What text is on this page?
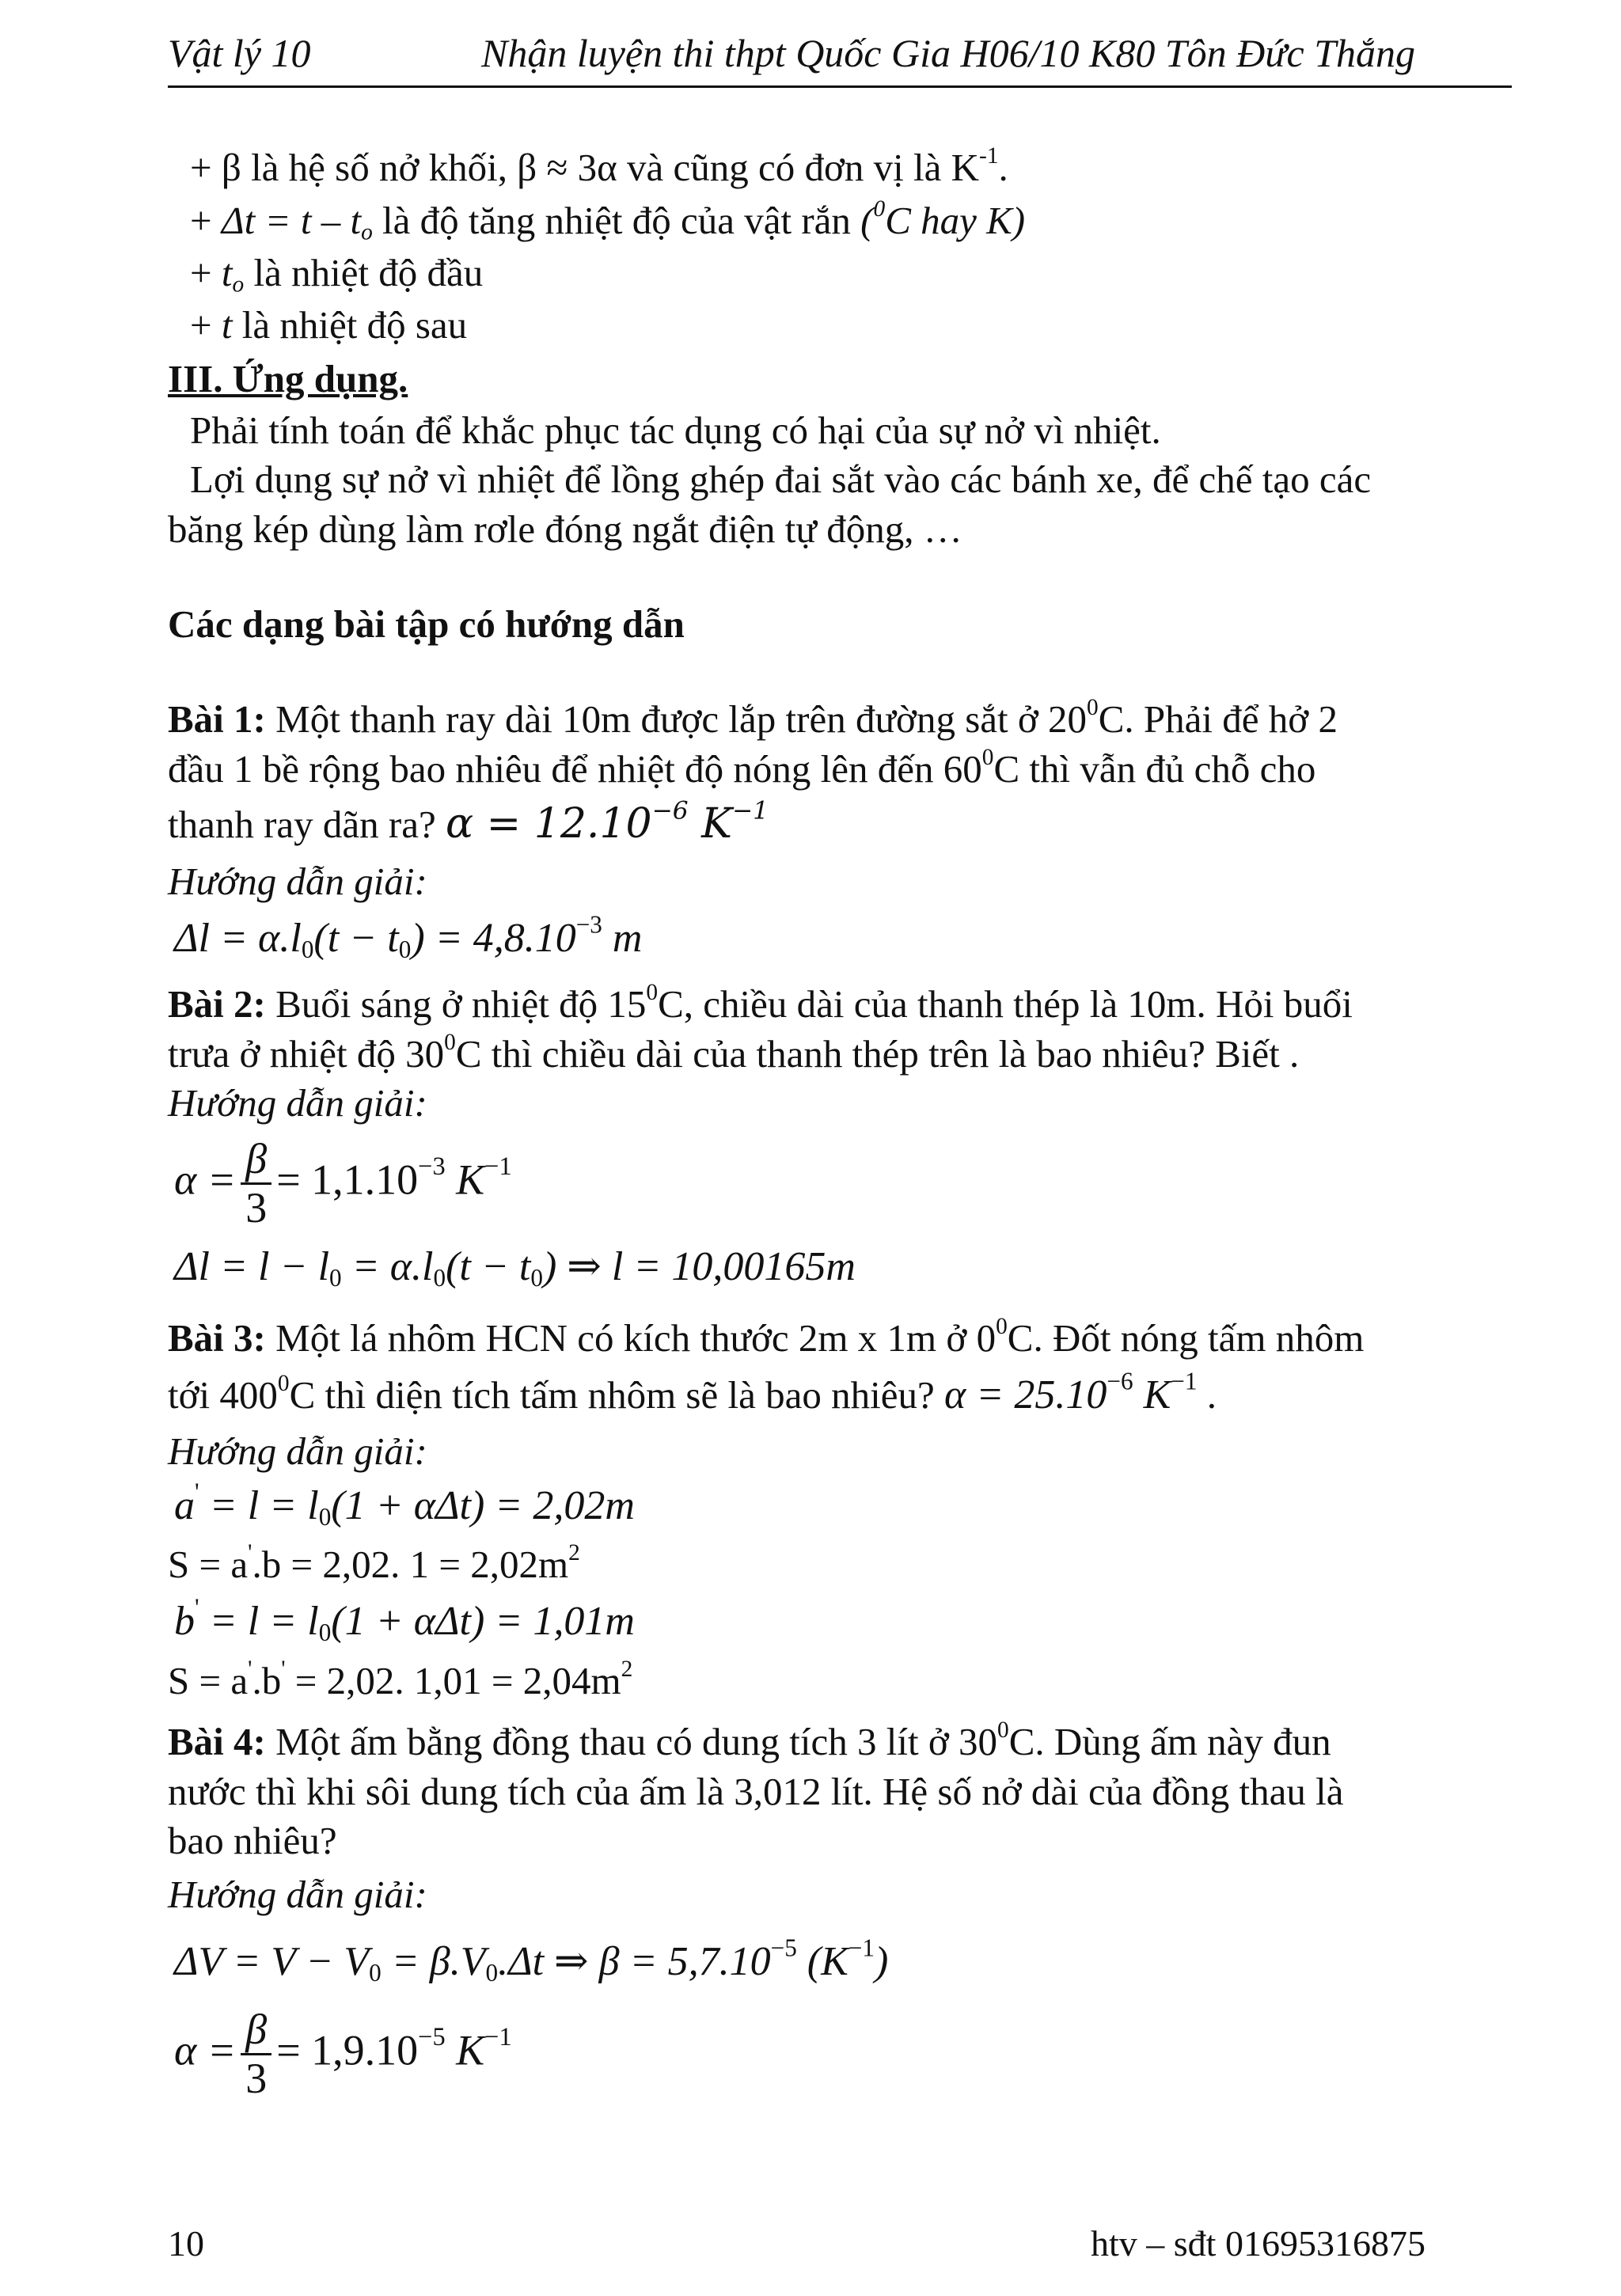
Vật lý 10	Nhận luyện thi thpt Quốc Gia H06/10 K80 Tôn Đức Thắng
+ β là hệ số nở khối, β ≈ 3α và cũng có đơn vị là $K^{-1}$.
+ $\Delta t = t - t_o$ là độ tăng nhiệt độ của vật rắn ($^0$C hay K)
+ $t_o$ là nhiệt độ đầu
+ t là nhiệt độ sau
III. Ứng dụng.
Phải tính toán để khắc phục tác dụng có hại của sự nở vì nhiệt.
Lợi dụng sự nở vì nhiệt để lồng ghép đai sắt vào các bánh xe, để chế tạo các
băng kép dùng làm rơle đóng ngắt điện tự động, …
Các dạng bài tập có hướng dẫn
Bài 1: Một thanh ray dài 10m được lắp trên đường sắt ở $20^0C$. Phải để hở 2
đầu 1 bề rộng bao nhiêu để nhiệt độ nóng lên đến $60^0C$ thì vẫn đủ chỗ cho
thanh ray dãn ra? $\alpha = 12.10^{-6}$ $K^{-1}$
Hướng dẫn giải:
$\Delta l = \alpha.l_0(t - t_0) = 4,8.10^{-3}$ m
Bài 2: Buổi sáng ở nhiệt độ $15^0C$, chiều dài của thanh thép là 10m. Hỏi buổi
trưa ở nhiệt độ $30^0C$ thì chiều dài của thanh thép trên là bao nhiêu? Biết .
Hướng dẫn giải:
$\alpha = \frac{\beta}{3} = 1,1.10^{-3}$ $K^{-1}$
$\Delta l = l - l_0 = \alpha.l_0(t - t_0)$ ⇒ l = 10,00165m
Bài 3: Một lá nhôm HCN có kích thước 2m x 1m ở $0^0C$. Đốt nóng tấm nhôm
tới $400^0C$ thì diện tích tấm nhôm sẽ là bao nhiêu? $\alpha = 25.10^{-6}$ $K^{-1}$ .
Hướng dẫn giải:
$a' = l = l_0(1 + \alpha\Delta t) = 2,02m$
S = a'.b = 2,02. $1 = 2,02m^2$
$b' = l = l_0(1 + \alpha\Delta t) = 1,01m$
S = a'.b' = 2,02. $1,01 = 2,04m^2$
Bài 4: Một ấm bằng đồng thau có dung tích 3 lít ở $30^0C$. Dùng ấm này đun
nước thì khi sôi dung tích của ấm là 3,012 lít. Hệ số nở dài của đồng thau là
bao nhiêu?
Hướng dẫn giải:
$\Delta V = V - V_0 = \beta.V_0.\Delta t$ ⇒ $\beta = 5,7.10^{-5}$ $(K^{-1})$
$\alpha = \frac{\beta}{3} = 1,9.10^{-5}$ $K^{-1}$
10	htv – sđt 01695316875
